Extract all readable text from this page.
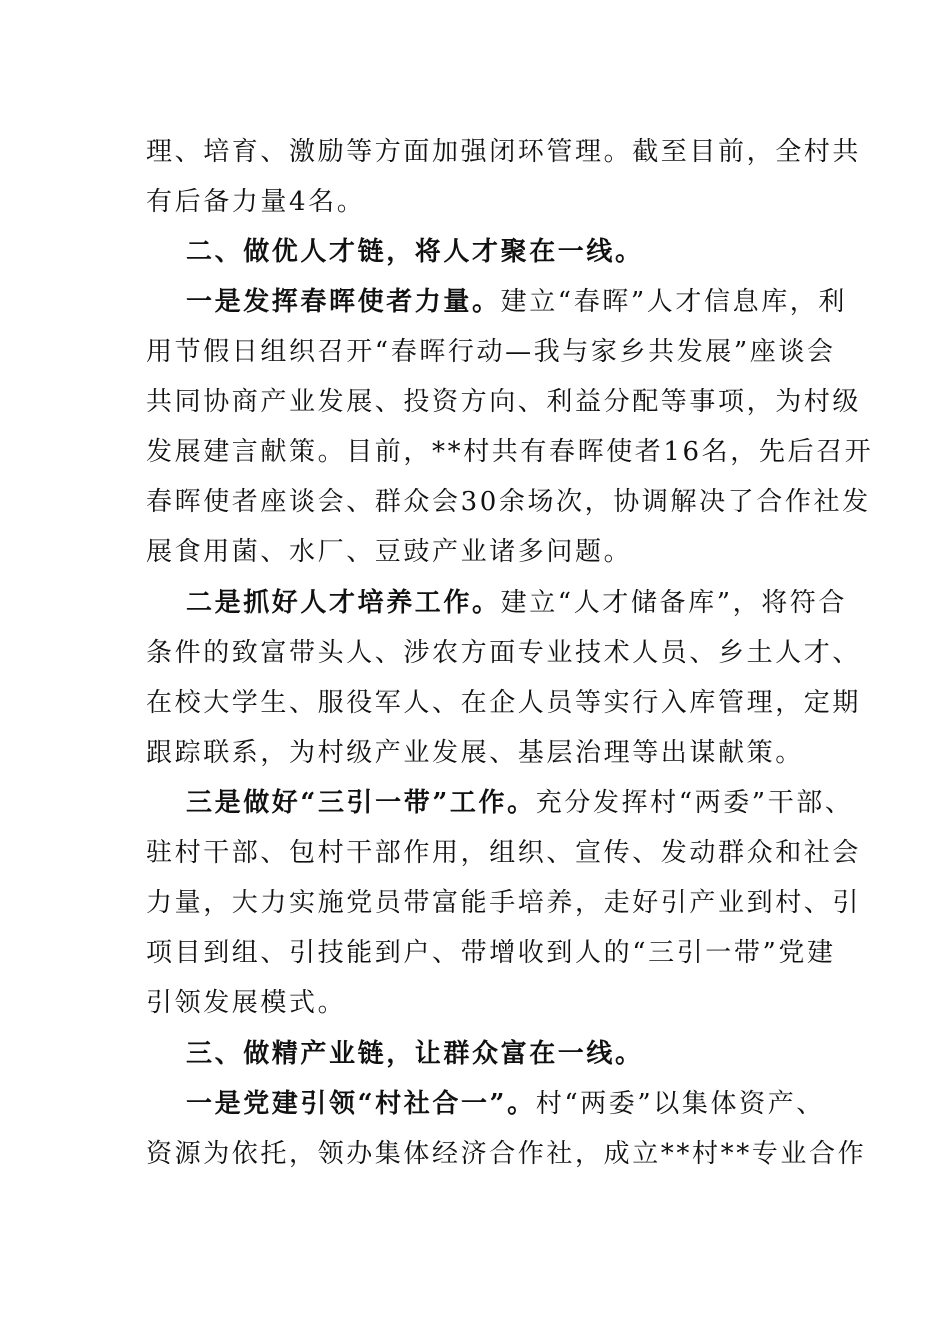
理、培育、激励等方面加强闭环管理。截至目前，全村共
有后备力量4名。
二、做优人才链，将人才聚在一线。
一是发挥春晖使者力量。建立“春晖”人才信息库，利
用节假日组织召开“春晖行动—我与家乡共发展”座谈会
共同协商产业发展、投资方向、利益分配等事项，为村级
发展建言献策。目前，**村共有春晖使者16名，先后召开
春晖使者座谈会、群众会30余场次，协调解决了合作社发
展食用菌、水厂、豆豉产业诸多问题。
二是抓好人才培养工作。建立“人才储备库”，将符合
条件的致富带头人、涉农方面专业技术人员、乡土人才、
在校大学生、服役军人、在企人员等实行入库管理，定期
跟踪联系，为村级产业发展、基层治理等出谋献策。
三是做好“三引一带”工作。充分发挥村“两委”干部、
驻村干部、包村干部作用，组织、宣传、发动群众和社会
力量，大力实施党员带富能手培养，走好引产业到村、引
项目到组、引技能到户、带增收到人的“三引一带”党建
引领发展模式。
三、做精产业链，让群众富在一线。
一是党建引领“村社合一”。村“两委”以集体资产、
资源为依托，领办集体经济合作社，成立**村**专业合作
